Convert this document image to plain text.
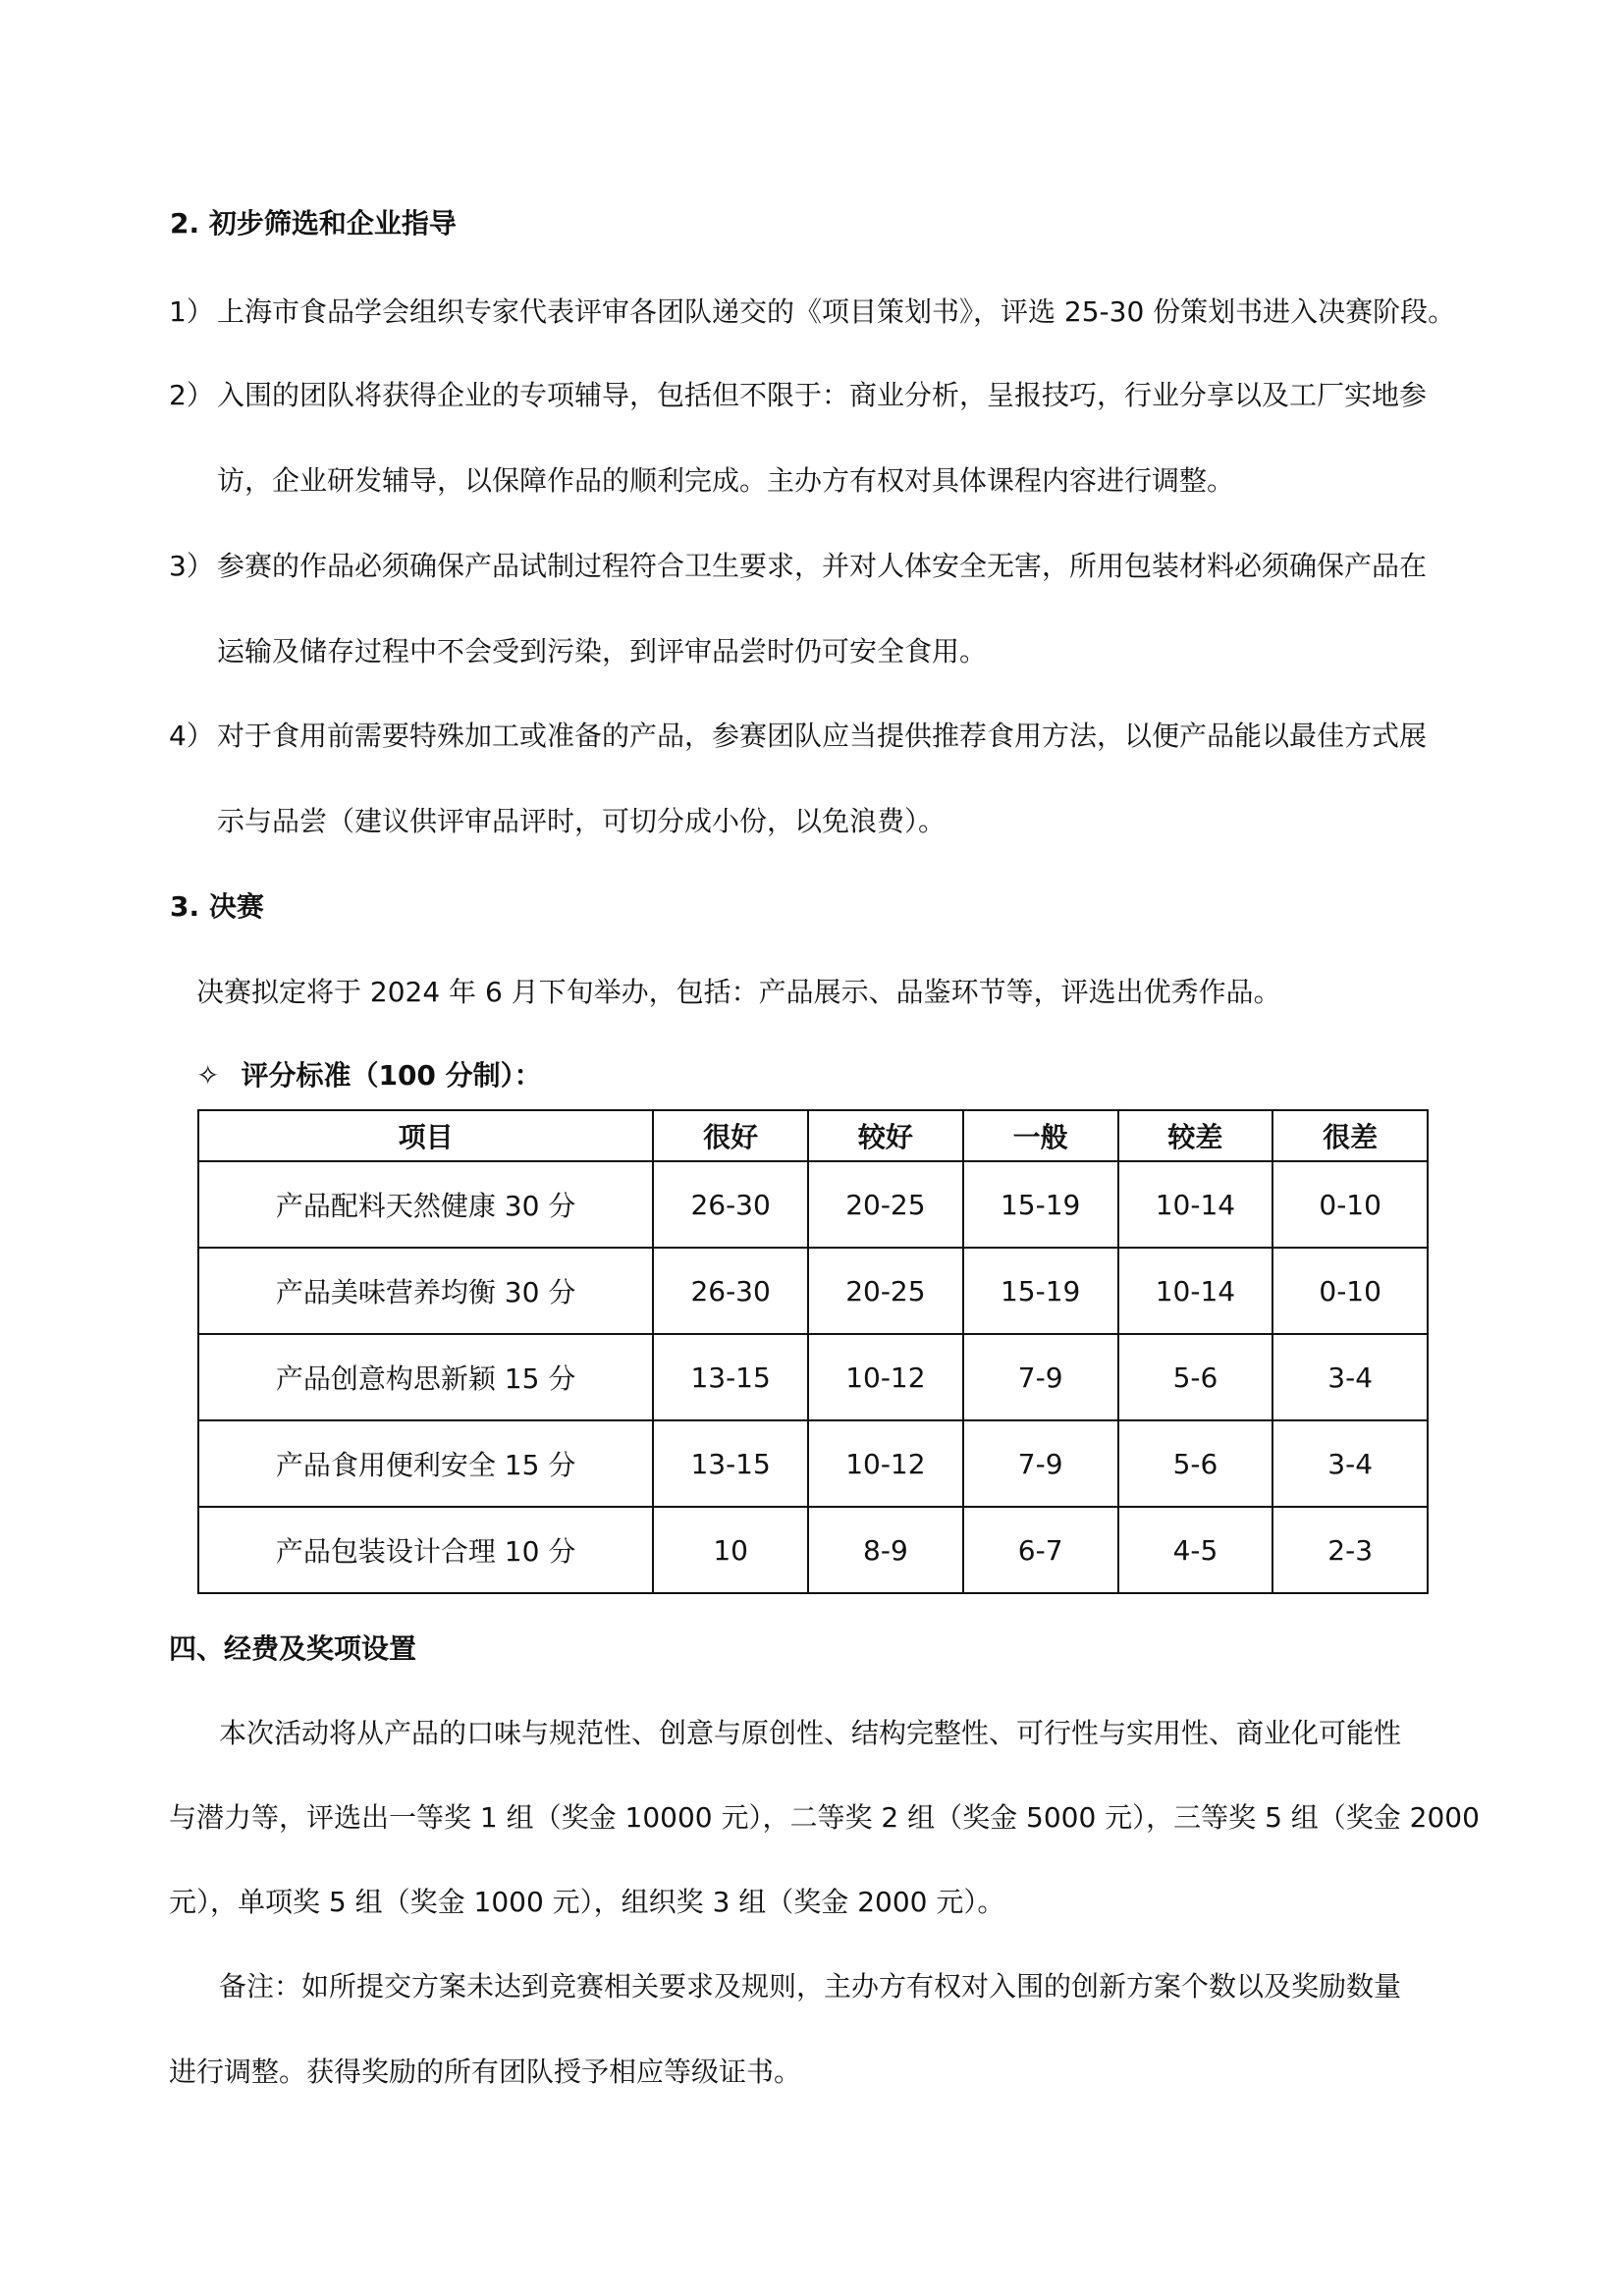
2. 初步筛选和企业指导
1） 上海市食品学会组织专家代表评审各团队递交的《项目策划书》，评选 25-30 份策划书进入决赛阶段。
2） 入围的团队将获得企业的专项辅导，包括但不限于：商业分析，呈报技巧，行业分享以及工厂实地参
访，企业研发辅导，以保障作品的顺利完成。主办方有权对具体课程内容进行调整。
3） 参赛的作品必须确保产品试制过程符合卫生要求，并对人体安全无害，所用包装材料必须确保产品在
运输及储存过程中不会受到污染，到评审品尝时仍可安全食用。
4） 对于食用前需要特殊加工或准备的产品，参赛团队应当提供推荐食用方法，以便产品能以最佳方式展
示与品尝（建议供评审品评时，可切分成小份，以免浪费）。
3. 决赛
决赛拟定将于 2024 年 6 月下旬举办，包括：产品展示、品鉴环节等，评选出优秀作品。
✧ 评分标准（100 分制）：
项目	很好	较好	一般	较差	很差
产品配料天然健康 30 分	26-30	20-25	15-19	10-14	0-10
产品美味营养均衡 30 分	26-30	20-25	15-19	10-14	0-10
产品创意构思新颖 15 分	13-15	10-12	7-9	5-6	3-4
产品食用便利安全 15 分	13-15	10-12	7-9	5-6	3-4
产品包装设计合理 10 分	10	8-9	6-7	4-5	2-3
四、经费及奖项设置
本次活动将从产品的口味与规范性、创意与原创性、结构完整性、可行性与实用性、商业化可能性
与潜力等，评选出一等奖 1 组（奖金 10000 元），二等奖 2 组（奖金 5000 元），三等奖 5 组（奖金 2000
元），单项奖 5 组（奖金 1000 元），组织奖 3 组（奖金 2000 元）。
备注：如所提交方案未达到竞赛相关要求及规则，主办方有权对入围的创新方案个数以及奖励数量
进行调整。获得奖励的所有团队授予相应等级证书。
